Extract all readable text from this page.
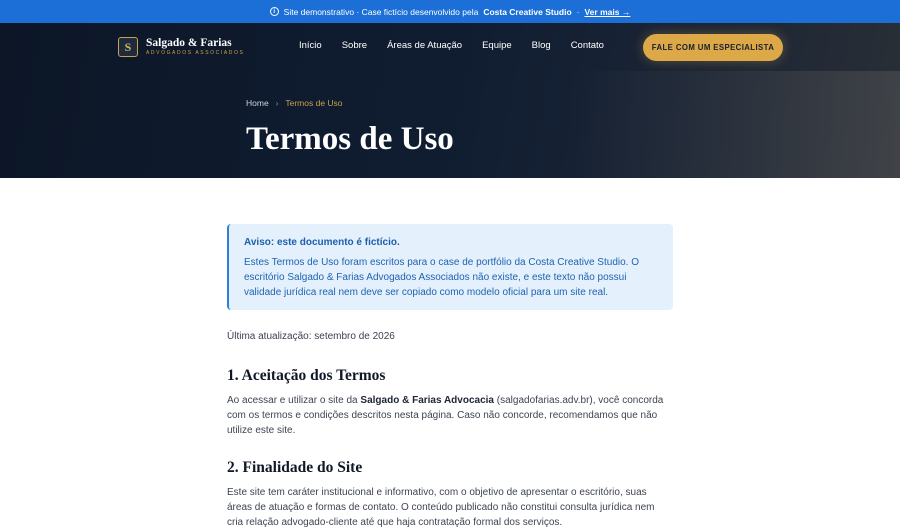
i	Site demonstrativo · Case fictício desenvolvido pela Costa Creative Studio · Ver mais →
S	Salgado & Farias
ADVOGADOS ASSOCIADOS
Início Sobre Áreas de Atuação Equipe Blog Contato	FALE COM UM ESPECIALISTA
Home › Termos de Uso
Termos de Uso
Aviso: este documento é fictício.
Estes Termos de Uso foram escritos para o case de portfólio da Costa Creative Studio. O escritório Salgado & Farias Advogados Associados não existe, e este texto não possui validade jurídica real nem deve ser copiado como modelo oficial para um site real.
Última atualização: setembro de 2026
1. Aceitação dos Termos

Ao acessar e utilizar o site da Salgado & Farias Advocacia (salgadofarias.adv.br), você concorda com os termos e condições descritos nesta página. Caso não concorde, recomendamos que não utilize este site.

2. Finalidade do Site

Este site tem caráter institucional e informativo, com o objetivo de apresentar o escritório, suas áreas de atuação e formas de contato. O conteúdo publicado não constitui consulta jurídica nem cria relação advogado-cliente até que haja contratação formal dos serviços.
